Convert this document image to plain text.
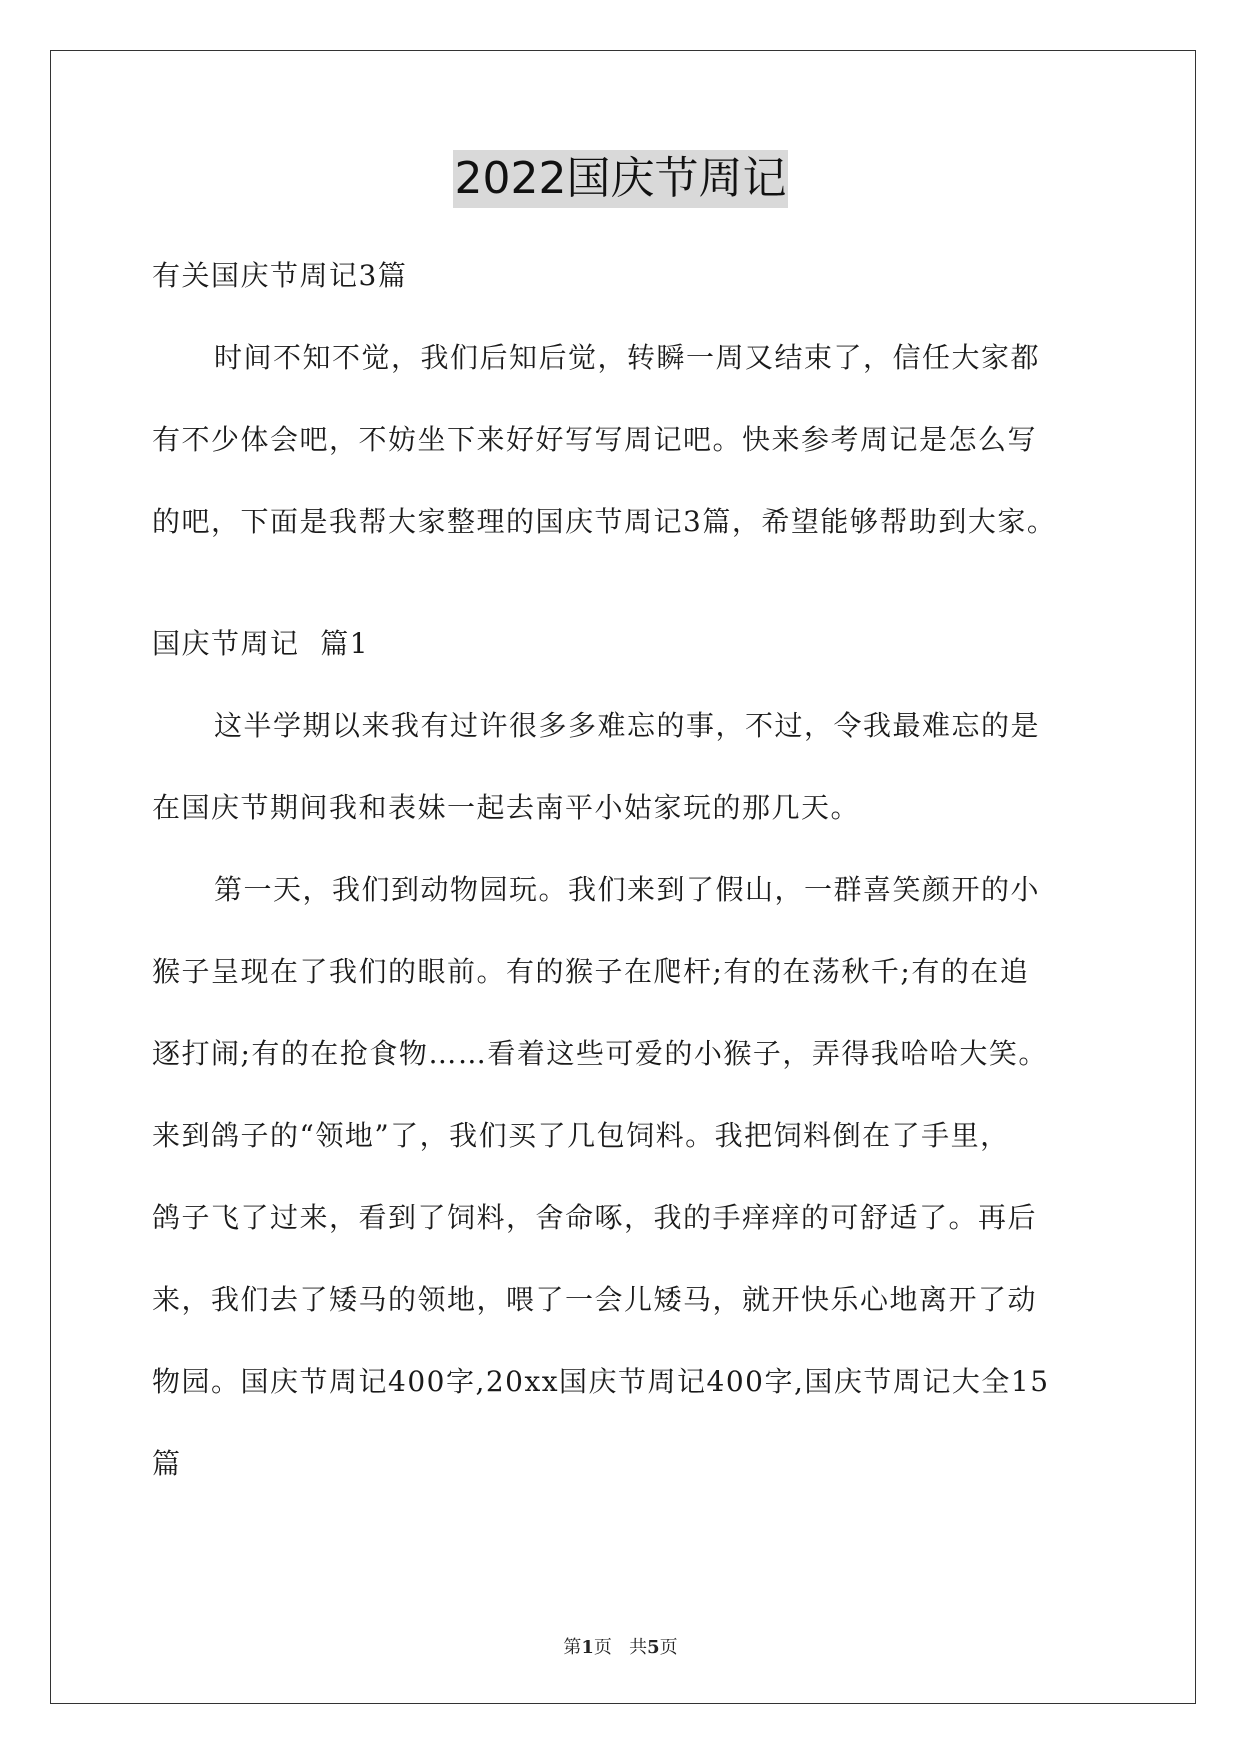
2022国庆节周记
有关国庆节周记3篇
时间不知不觉，我们后知后觉，转瞬一周又结束了，信任大家都
有不少体会吧，不妨坐下来好好写写周记吧。快来参考周记是怎么写
的吧，下面是我帮大家整理的国庆节周记3篇，希望能够帮助到大家。
国庆节周记  篇1
这半学期以来我有过许很多多难忘的事，不过，令我最难忘的是
在国庆节期间我和表妹一起去南平小姑家玩的那几天。
第一天，我们到动物园玩。我们来到了假山，一群喜笑颜开的小
猴子呈现在了我们的眼前。有的猴子在爬杆;有的在荡秋千;有的在追
逐打闹;有的在抢食物……看着这些可爱的小猴子，弄得我哈哈大笑。
来到鸽子的“领地”了，我们买了几包饲料。我把饲料倒在了手里，
鸽子飞了过来，看到了饲料，舍命啄，我的手痒痒的可舒适了。再后
来，我们去了矮马的领地，喂了一会儿矮马，就开快乐心地离开了动
物园。国庆节周记400字,20xx国庆节周记400字,国庆节周记大全15
篇
第1页   共5页
